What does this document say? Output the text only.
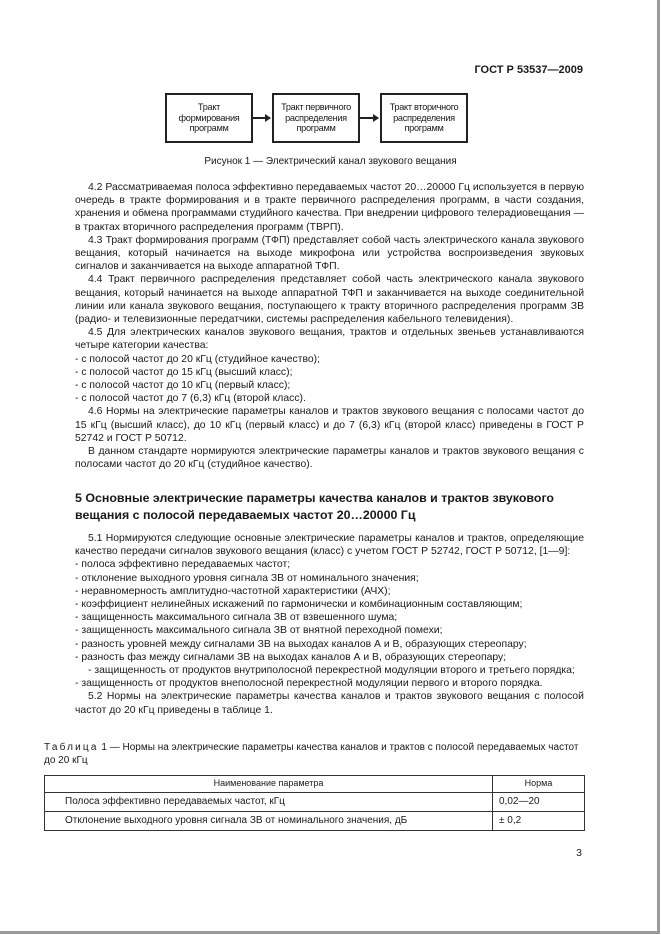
ГОСТ Р 53537—2009
Тракт формирования программ
Тракт первичного распределения программ
Тракт вторичного распределения программ
Рисунок 1 — Электрический канал звукового вещания

4.2 Рассматриваемая полоса эффективно передаваемых частот 20…20000 Гц используется в первую очередь в тракте формирования и в тракте первичного распределения программ, в части создания, хранения и обмена программами студийного качества. При внедрении цифрового телерадиовещания — в трактах вторичного распределения программ (ТВРП).

4.3 Тракт формирования программ (ТФП) представляет собой часть электрического канала звукового вещания, который начинается на выходе микрофона или устройства воспроизведения звуковых сигналов и заканчивается на выходе аппаратной ТФП.

4.4 Тракт первичного распределения представляет собой часть электрического канала звукового вещания, который начинается на выходе аппаратной ТФП и заканчивается на выходе соединительной линии или канала звукового вещания, поступающего к тракту вторичного распределения программ ЗВ (радио- и телевизионные передатчики, системы распределения кабельного телевидения).

4.5 Для электрических каналов звукового вещания, трактов и отдельных звеньев устанавливаются четыре категории качества:

- с полосой частот до 20 кГц (студийное качество);

- с полосой частот до 15 кГц (высший класс);

- с полосой частот до 10 кГц (первый класс);

- с полосой частот до 7 (6,3) кГц (второй класс).

4.6 Нормы на электрические параметры каналов и трактов звукового вещания с полосами частот до 15 кГц (высший класс), до 10 кГц (первый класс) и до 7 (6,3) кГц (второй класс) приведены в ГОСТ Р 52742 и ГОСТ Р 50712.

В данном стандарте нормируются электрические параметры каналов и трактов звукового вещания с полосами частот до 20 кГц (студийное качество).

5 Основные электрические параметры качества каналов и трактов звукового вещания с полосой передаваемых частот 20…20000 Гц

5.1 Нормируются следующие основные электрические параметры каналов и трактов, определяющие качество передачи сигналов звукового вещания (класс) с учетом ГОСТ Р 52742, ГОСТ Р 50712, [1—9]:

- полоса эффективно передаваемых частот;

- отклонение выходного уровня сигнала ЗВ от номинального значения;

- неравномерность амплитудно-частотной характеристики (АЧХ);

- коэффициент нелинейных искажений по гармонически и комбинационным составляющим;

- защищенность максимального сигнала ЗВ от взвешенного шума;

- защищенность максимального сигнала ЗВ от внятной переходной помехи;

- разность уровней между сигналами ЗВ на выходах каналов А и В, образующих стереопару;

- разность фаз между сигналами ЗВ на выходах каналов А и В, образующих стереопару;

- защищенность от продуктов внутриполосной перекрестной модуляции второго и третьего порядка;

- защищенность от продуктов внеполосной перекрестной модуляции первого и второго порядка.

5.2 Нормы на электрические параметры качества каналов и трактов звукового вещания с полосой частот до 20 кГц приведены в таблице 1.

Таблица 1 — Нормы на электрические параметры качества каналов и трактов с полосой передаваемых частот до 20 кГц
Наименование параметра	Норма
Полоса эффективно передаваемых частот, кГц	0,02—20
Отклонение выходного уровня сигнала ЗВ от номинального значения, дБ	± 0,2
3
